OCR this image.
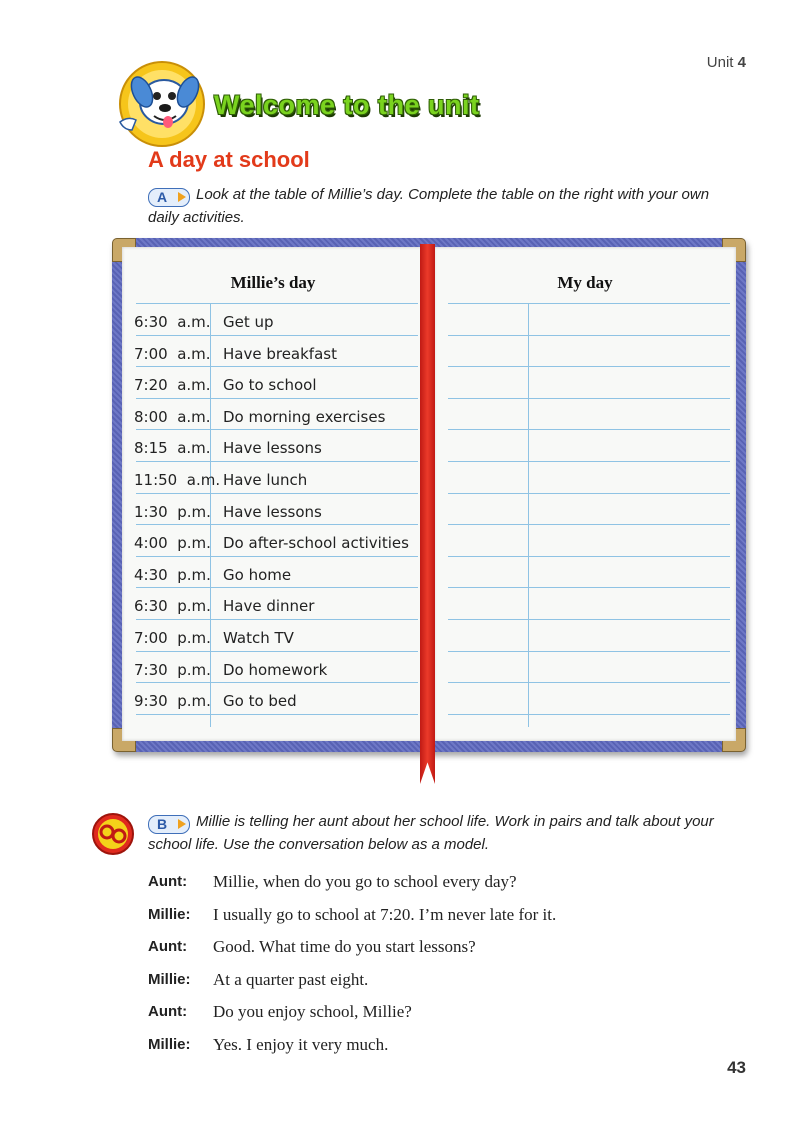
Unit 4
Welcome to the unit
A day at school
A Look at the table of Millie’s day. Complete the table on the right with your own daily activities.
Millie’s day
6:30  a.m. Get up
7:00  a.m. Have breakfast
7:20  a.m. Go to school
8:00  a.m. Do morning exercises
8:15  a.m. Have lessons
11:50  a.m. Have lunch
1:30  p.m. Have lessons
4:00  p.m. Do after-school activities
4:30  p.m. Go home
6:30  p.m. Have dinner
7:00  p.m. Watch TV
7:30  p.m. Do homework
9:30  p.m. Go to bed
My day
B Millie is telling her aunt about her school life. Work in pairs and talk about your school life. Use the conversation below as a model.
Aunt: Millie, when do you go to school every day?
Millie: I usually go to school at 7:20. I’m never late for it.
Aunt: Good. What time do you start lessons?
Millie: At a quarter past eight.
Aunt: Do you enjoy school, Millie?
Millie: Yes. I enjoy it very much.
43
